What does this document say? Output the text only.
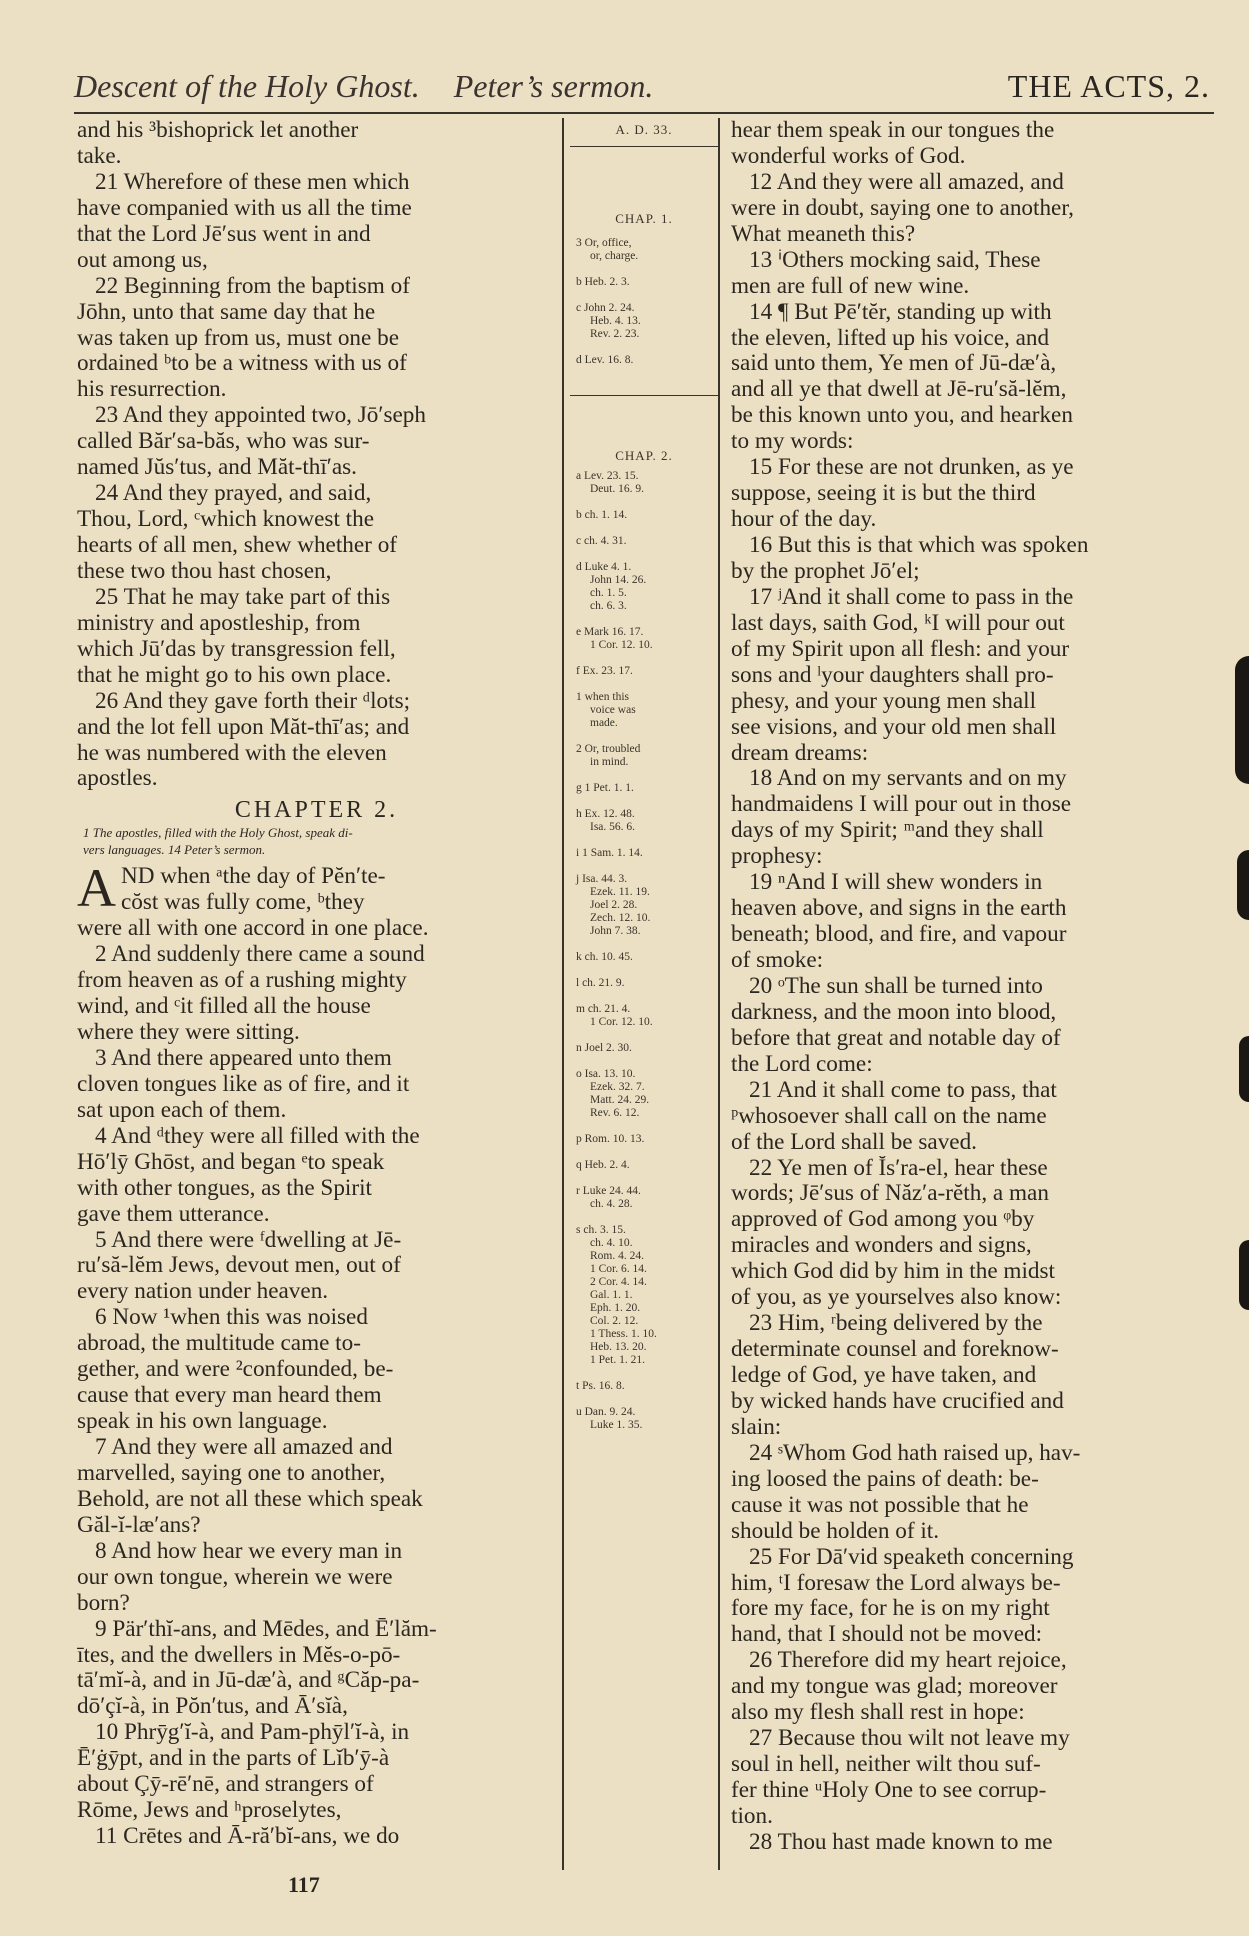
Descent of the Holy Ghost. Peter’s sermon.	THE ACTS, 2.
and his ³bishoprick let another
take.
21 Wherefore of these men which
have companied with us all the time
that the Lord Jē′sus went in and
out among us,
22 Beginning from the baptism of
Jōhn, unto that same day that he
was taken up from us, must one be
ordained ᵇto be a witness with us of
his resurrection.
23 And they appointed two, Jō′seph
called Băr′sa-băs, who was sur-
named Jŭs′tus, and Măt-thī′as.
24 And they prayed, and said,
Thou, Lord, ᶜwhich knowest the
hearts of all men, shew whether of
these two thou hast chosen,
25 That he may take part of this
ministry and apostleship, from
which Jū′das by transgression fell,
that he might go to his own place.
26 And they gave forth their ᵈlots;
and the lot fell upon Măt-thī′as; and
he was numbered with the eleven
apostles.
CHAPTER 2.
1 The apostles, filled with the Holy Ghost, speak di-
vers languages. 14 Peter’s sermon.
A ND when ᵃthe day of Pĕn′te-
cŏst was fully come, ᵇthey
were all with one accord in one place.
2 And suddenly there came a sound
from heaven as of a rushing mighty
wind, and ᶜit filled all the house
where they were sitting.
3 And there appeared unto them
cloven tongues like as of fire, and it
sat upon each of them.
4 And ᵈthey were all filled with the
Hō′lȳ Ghōst, and began ᵉto speak
with other tongues, as the Spirit
gave them utterance.
5 And there were ᶠdwelling at Jē-
ru′să-lĕm Jews, devout men, out of
every nation under heaven.
6 Now ¹when this was noised
abroad, the multitude came to-
gether, and were ²confounded, be-
cause that every man heard them
speak in his own language.
7 And they were all amazed and
marvelled, saying one to another,
Behold, are not all these which speak
Găl-ĭ-læ′ans?
8 And how hear we every man in
our own tongue, wherein we were
born?
9 Pär′thĭ-ans, and Mēdes, and Ē′lăm-
ītes, and the dwellers in Mĕs-o-pō-
tā′mĭ-à, and in Jū-dæ′à, and ᵍCăp-pa-
dō′çĭ-à, in Pŏn′tus, and Ā′sĭà,
10 Phrȳg′ĭ-à, and Pam-phȳl′ĭ-à, in
Ē′ġȳpt, and in the parts of Lĭb′ȳ-à
about Çȳ-rē′nē, and strangers of
Rōme, Jews and ʰproselytes,
11 Crētes and Ā-ră′bĭ-ans, we do
A. D. 33.
CHAP. 1.
3 Or, office,
or, charge.
b Heb. 2. 3.
c John 2. 24.
Heb. 4. 13.
Rev. 2. 23.
d Lev. 16. 8.
CHAP. 2.
a Lev. 23. 15.
Deut. 16. 9.
b ch. 1. 14.
c ch. 4. 31.
d Luke 4. 1.
John 14. 26.
ch. 1. 5.
ch. 6. 3.
e Mark 16. 17.
1 Cor. 12. 10.
f Ex. 23. 17.
1 when this
voice was
made.
2 Or, troubled
in mind.
g 1 Pet. 1. 1.
h Ex. 12. 48.
Isa. 56. 6.
i 1 Sam. 1. 14.
j Isa. 44. 3.
Ezek. 11. 19.
Joel 2. 28.
Zech. 12. 10.
John 7. 38.
k ch. 10. 45.
l ch. 21. 9.
m ch. 21. 4.
1 Cor. 12. 10.
n Joel 2. 30.
o Isa. 13. 10.
Ezek. 32. 7.
Matt. 24. 29.
Rev. 6. 12.
p Rom. 10. 13.
q Heb. 2. 4.
r Luke 24. 44.
ch. 4. 28.
s ch. 3. 15.
ch. 4. 10.
Rom. 4. 24.
1 Cor. 6. 14.
2 Cor. 4. 14.
Gal. 1. 1.
Eph. 1. 20.
Col. 2. 12.
1 Thess. 1. 10.
Heb. 13. 20.
1 Pet. 1. 21.
t Ps. 16. 8.
u Dan. 9. 24.
Luke 1. 35.
hear them speak in our tongues the
wonderful works of God.
12 And they were all amazed, and
were in doubt, saying one to another,
What meaneth this?
13 ⁱOthers mocking said, These
men are full of new wine.
14 ¶ But Pē′tĕr, standing up with
the eleven, lifted up his voice, and
said unto them, Ye men of Jū-dæ′à,
and all ye that dwell at Jē-ru′să-lĕm,
be this known unto you, and hearken
to my words:
15 For these are not drunken, as ye
suppose, seeing it is but the third
hour of the day.
16 But this is that which was spoken
by the prophet Jō′el;
17 ʲAnd it shall come to pass in the
last days, saith God, ᵏI will pour out
of my Spirit upon all flesh: and your
sons and ˡyour daughters shall pro-
phesy, and your young men shall
see visions, and your old men shall
dream dreams:
18 And on my servants and on my
handmaidens I will pour out in those
days of my Spirit; ᵐand they shall
prophesy:
19 ⁿAnd I will shew wonders in
heaven above, and signs in the earth
beneath; blood, and fire, and vapour
of smoke:
20 ᵒThe sun shall be turned into
darkness, and the moon into blood,
before that great and notable day of
the Lord come:
21 And it shall come to pass, that
ᵖwhosoever shall call on the name
of the Lord shall be saved.
22 Ye men of Ĭs′ra-el, hear these
words; Jē′sus of Năz′a-rĕth, a man
approved of God among you ᵠby
miracles and wonders and signs,
which God did by him in the midst
of you, as ye yourselves also know:
23 Him, ʳbeing delivered by the
determinate counsel and foreknow-
ledge of God, ye have taken, and
by wicked hands have crucified and
slain:
24 ˢWhom God hath raised up, hav-
ing loosed the pains of death: be-
cause it was not possible that he
should be holden of it.
25 For Dā′vid speaketh concerning
him, ᵗI foresaw the Lord always be-
fore my face, for he is on my right
hand, that I should not be moved:
26 Therefore did my heart rejoice,
and my tongue was glad; moreover
also my flesh shall rest in hope:
27 Because thou wilt not leave my
soul in hell, neither wilt thou suf-
fer thine ᵘHoly One to see corrup-
tion.
28 Thou hast made known to me
117
